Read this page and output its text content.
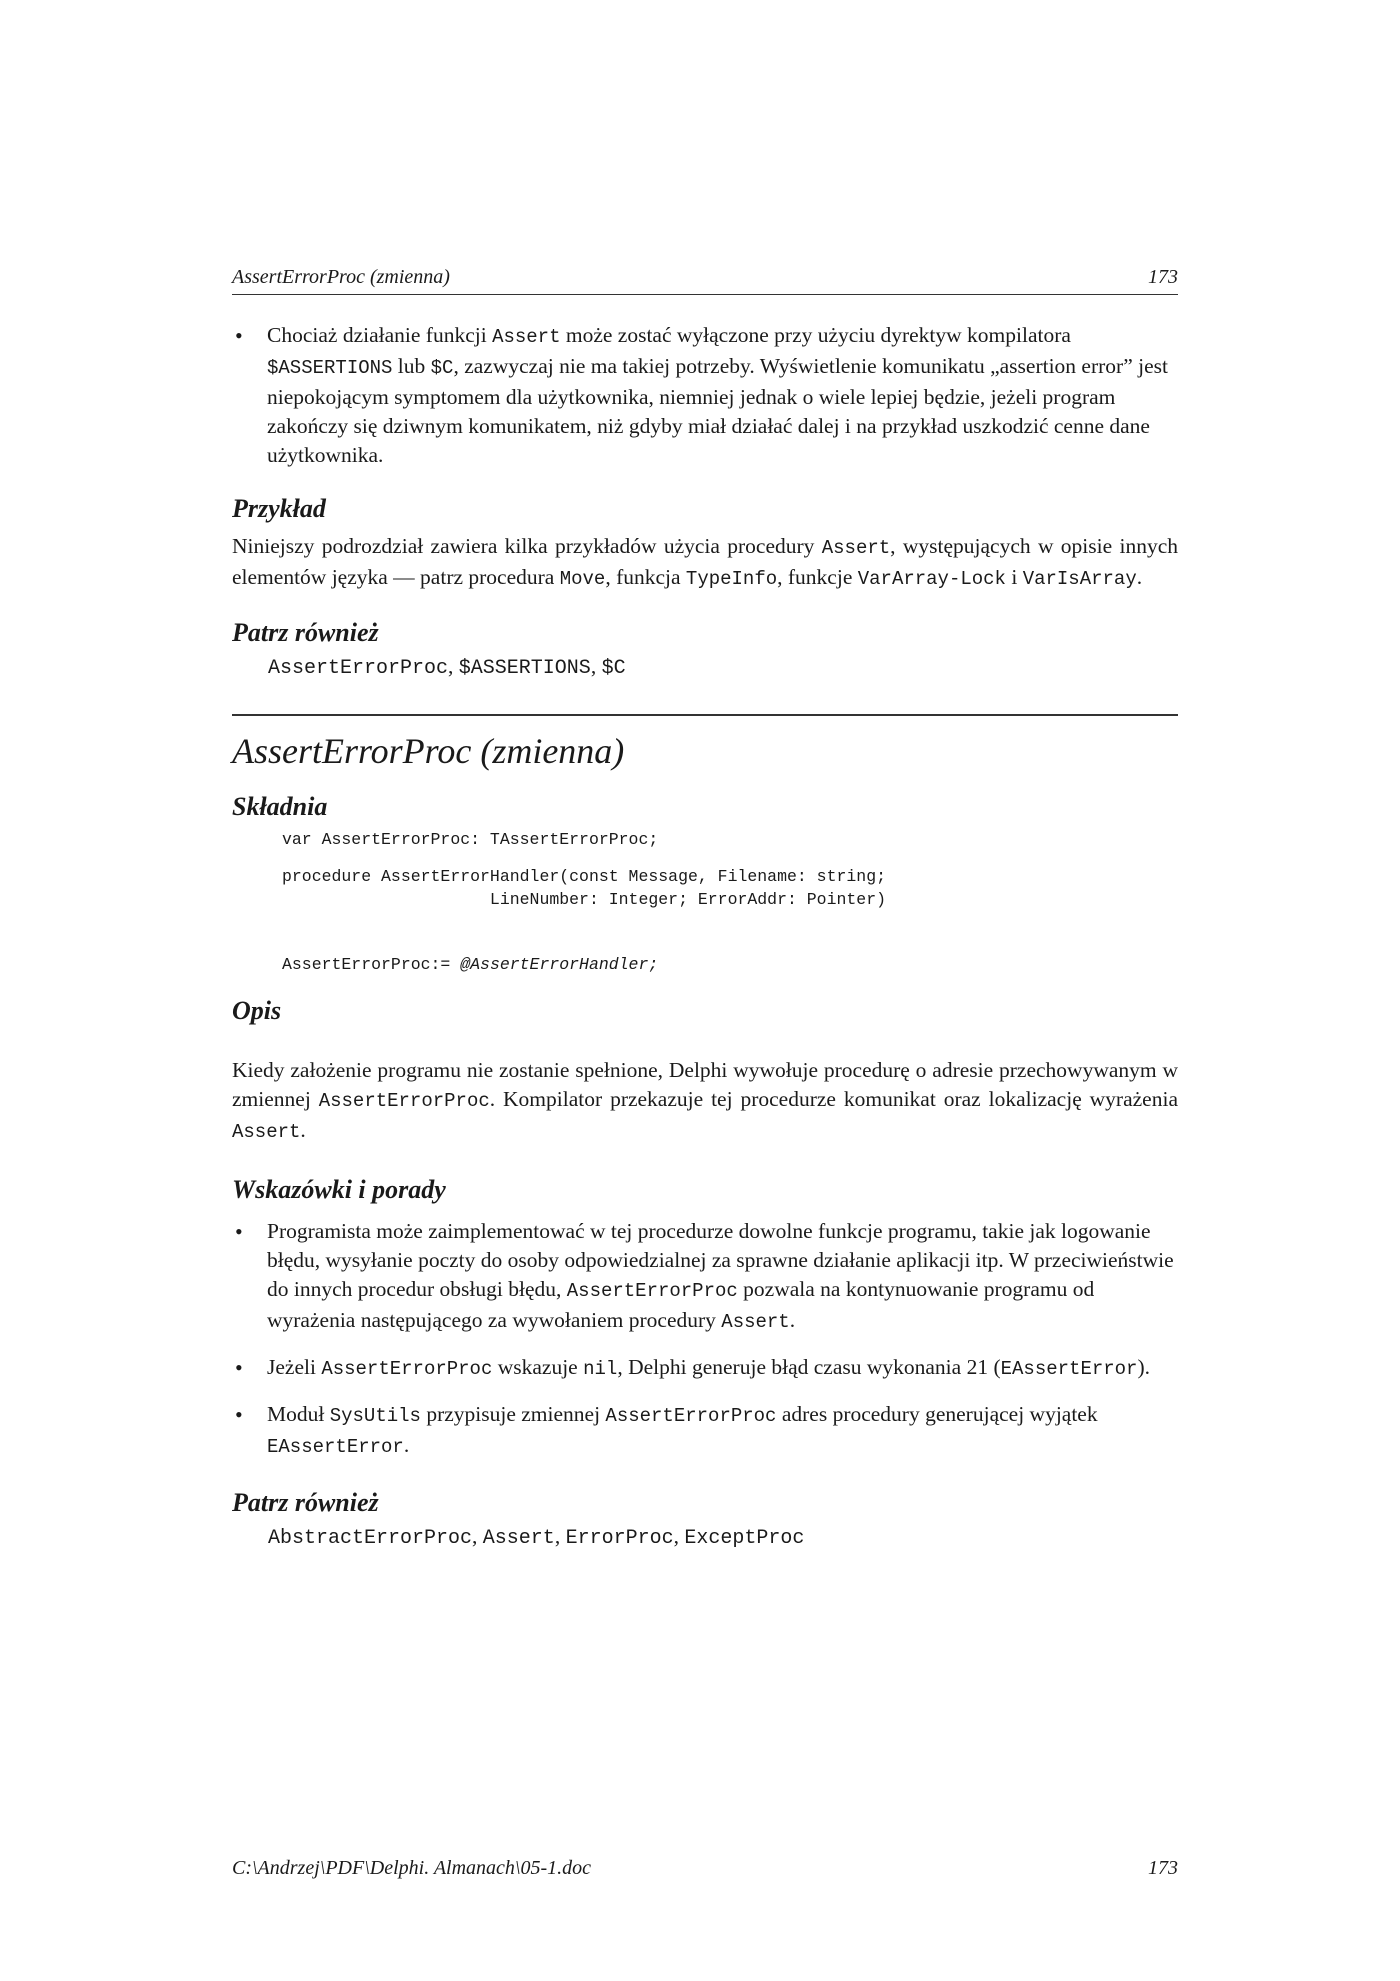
AssertErrorProc (zmienna)	173
• Chociaż działanie funkcji Assert może zostać wyłączone przy użyciu dyrektyw kompilatora $ASSERTIONS lub $C, zazwyczaj nie ma takiej potrzeby. Wyświetlenie komunikatu „assertion error” jest niepokojącym symptomem dla użytkownika, niemniej jednak o wiele lepiej będzie, jeżeli program zakończy się dziwnym komunikatem, niż gdyby miał działać dalej i na przykład uszkodzić cenne dane użytkownika.
Przykład

Niniejszy podrozdział zawiera kilka przykładów użycia procedury Assert, występujących w opisie innych elementów języka — patrz procedura Move, funkcja TypeInfo, funkcje VarArray-Lock i VarIsArray.

Patrz również
AssertErrorProc, $ASSERTIONS, $C
AssertErrorProc (zmienna)
Składnia
var AssertErrorProc: TAssertErrorProc;
procedure AssertErrorHandler(const Message, Filename: string;
LineNumber: Integer; ErrorAddr: Pointer)
AssertErrorProc:= @AssertErrorHandler;
Opis

Kiedy założenie programu nie zostanie spełnione, Delphi wywołuje procedurę o adresie przechowywanym w zmiennej AssertErrorProc. Kompilator przekazuje tej procedurze komunikat oraz lokalizację wyrażenia Assert.

Wskazówki i porady
• Programista może zaimplementować w tej procedurze dowolne funkcje programu, takie jak logowanie błędu, wysyłanie poczty do osoby odpowiedzialnej za sprawne działanie aplikacji itp. W przeciwieństwie do innych procedur obsługi błędu, AssertErrorProc pozwala na kontynuowanie programu od wyrażenia następującego za wywołaniem procedury Assert.
• Jeżeli AssertErrorProc wskazuje nil, Delphi generuje błąd czasu wykonania 21 (EAssertError).
• Moduł SysUtils przypisuje zmiennej AssertErrorProc adres procedury generującej wyjątek EAssertError.
Patrz również
AbstractErrorProc, Assert, ErrorProc, ExceptProc
C:\Andrzej\PDF\Delphi. Almanach\05-1.doc	173
